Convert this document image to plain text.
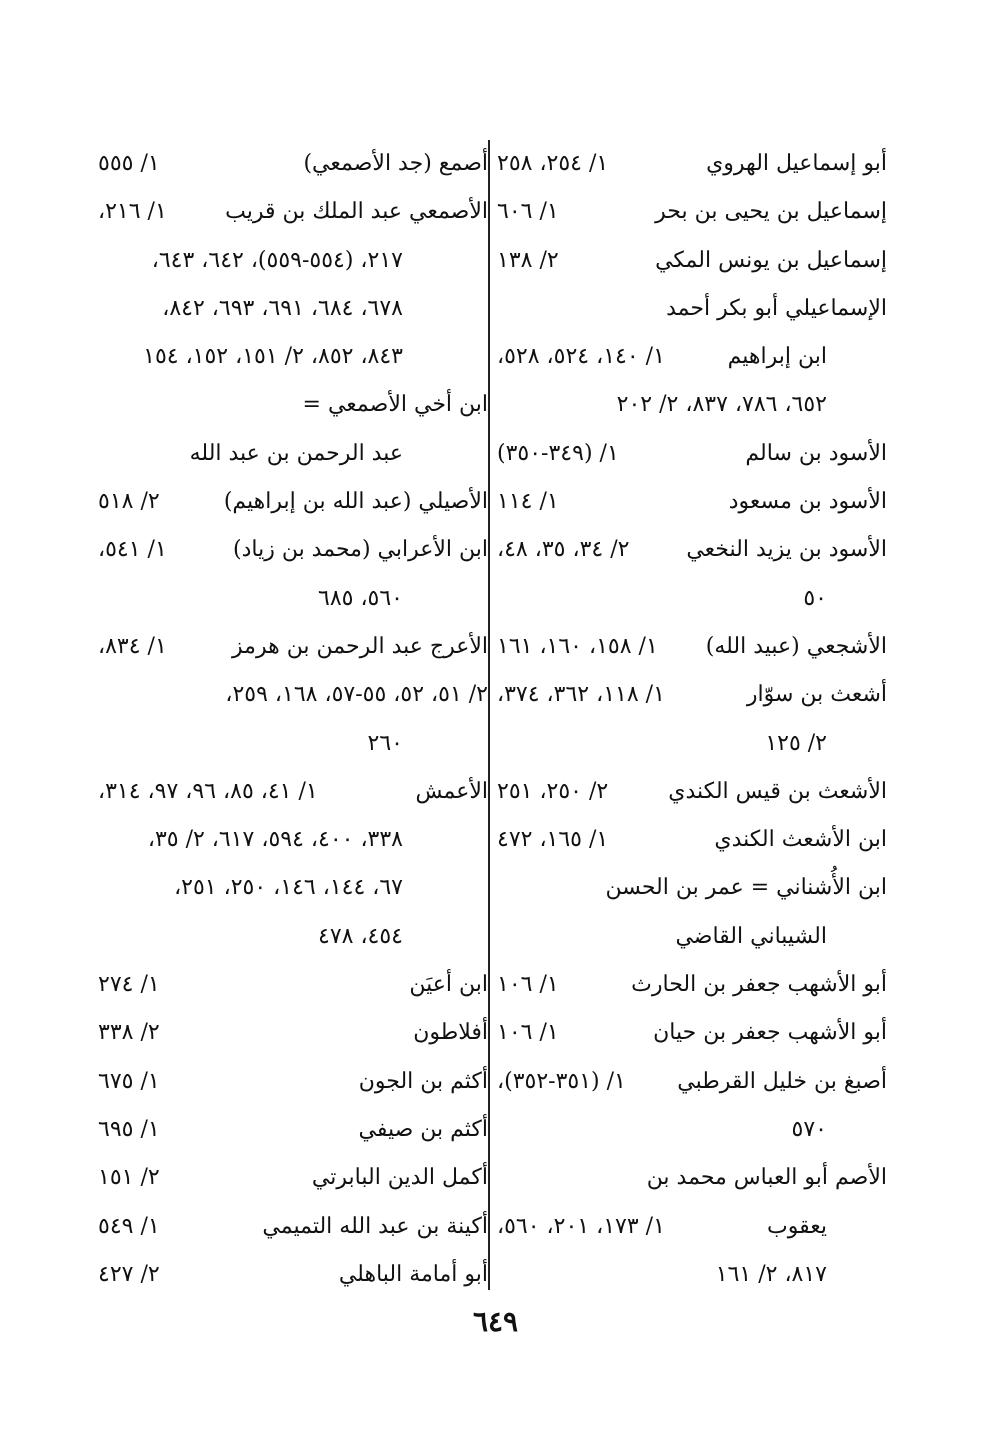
أبو إسماعيل الهروي
١/ ٢٥٤، ٢٥٨
إسماعيل بن يحيى بن بحر
١/ ٦٠٦
إسماعيل بن يونس المكي
٢/ ١٣٨
الإسماعيلي أبو بكر أحمد
ابن إبراهيم
١/ ١٤٠، ٥٢٤، ٥٢٨،
٦٥٢، ٧٨٦، ٨٣٧، ٢/ ٢٠٢
الأسود بن سالم
١/ (٣٤٩-٣٥٠)
الأسود بن مسعود
١/ ١١٤
الأسود بن يزيد النخعي
٢/ ٣٤، ٣٥، ٤٨،
٥٠
الأشجعي (عبيد الله)
١/ ١٥٨، ١٦٠، ١٦١
أشعث بن سوّار
١/ ١١٨، ٣٦٢، ٣٧٤،
٢/ ١٢٥
الأشعث بن قيس الكندي
٢/ ٢٥٠، ٢٥١
ابن الأشعث الكندي
١/ ١٦٥، ٤٧٢
ابن الأُشناني = عمر بن الحسن
الشيباني القاضي
أبو الأشهب جعفر بن الحارث
١/ ١٠٦
أبو الأشهب جعفر بن حيان
١/ ١٠٦
أصبغ بن خليل القرطبي
١/ (٣٥١-٣٥٢)،
٥٧٠
الأصم أبو العباس محمد بن
يعقوب
١/ ١٧٣، ٢٠١، ٥٦٠،
٨١٧، ٢/ ١٦١
أصمع (جد الأصمعي)
١/ ٥٥٥
الأصمعي عبد الملك بن قريب
١/ ٢١٦،
٢١٧، (٥٥٤-٥٥٩)، ٦٤٢، ٦٤٣،
٦٧٨، ٦٨٤، ٦٩١، ٦٩٣، ٨٤٢،
٨٤٣، ٨٥٢، ٢/ ١٥١، ١٥٢، ١٥٤
ابن أخي الأصمعي =
عبد الرحمن بن عبد الله
الأصيلي (عبد الله بن إبراهيم)
٢/ ٥١٨
ابن الأعرابي (محمد بن زياد)
١/ ٥٤١،
٥٦٠، ٦٨٥
الأعرج عبد الرحمن بن هرمز
١/ ٨٣٤،
٢/ ٥١، ٥٢، ٥٥-٥٧، ١٦٨، ٢٥٩،
٢٦٠
الأعمش
١/ ٤١، ٨٥، ٩٦، ٩٧، ٣١٤،
٣٣٨، ٤٠٠، ٥٩٤، ٦١٧، ٢/ ٣٥،
٦٧، ١٤٤، ١٤٦، ٢٥٠، ٢٥١،
٤٥٤، ٤٧٨
ابن أعيَن
١/ ٢٧٤
أفلاطون
٢/ ٣٣٨
أكثم بن الجون
١/ ٦٧٥
أكثم بن صيفي
١/ ٦٩٥
أكمل الدين البابرتي
٢/ ١٥١
أكينة بن عبد الله التميمي
١/ ٥٤٩
أبو أمامة الباهلي
٢/ ٤٢٧
٦٤٩
